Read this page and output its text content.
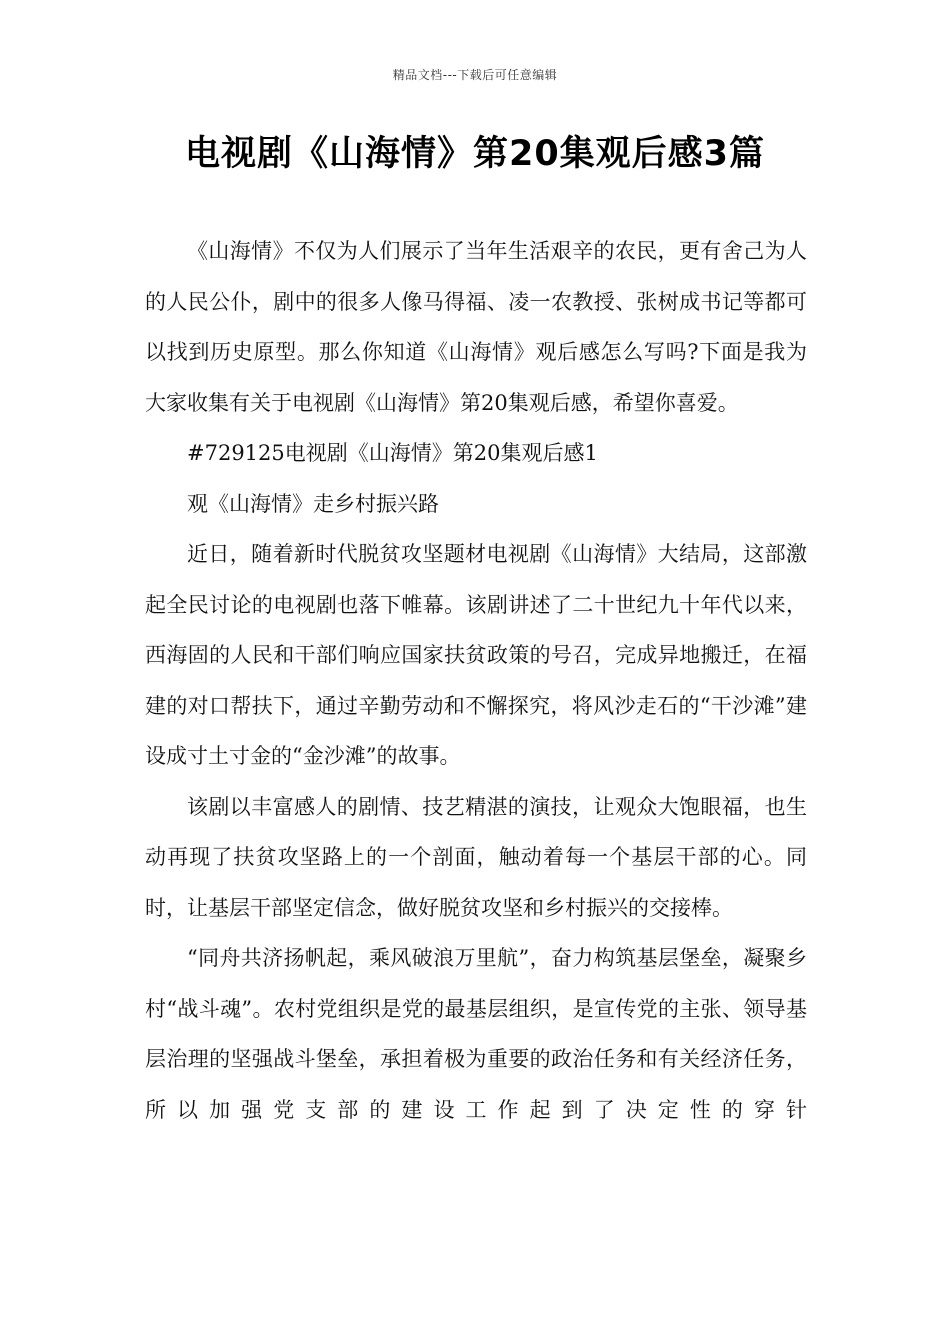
精品文档---下载后可任意编辑
电视剧《山海情》第20集观后感3篇

《山海情》不仅为人们展示了当年生活艰辛的农民，更有舍己为人的人民公仆，剧中的很多人像马得福、凌一农教授、张树成书记等都可以找到历史原型。那么你知道《山海情》观后感怎么写吗?下面是我为大家收集有关于电视剧《山海情》第20集观后感，希望你喜爱。

#729125电视剧《山海情》第20集观后感1

观《山海情》走乡村振兴路

近日，随着新时代脱贫攻坚题材电视剧《山海情》大结局，这部激起全民讨论的电视剧也落下帷幕。该剧讲述了二十世纪九十年代以来，西海固的人民和干部们响应国家扶贫政策的号召，完成异地搬迁，在福建的对口帮扶下，通过辛勤劳动和不懈探究，将风沙走石的“干沙滩”建设成寸土寸金的“金沙滩”的故事。

该剧以丰富感人的剧情、技艺精湛的演技，让观众大饱眼福，也生动再现了扶贫攻坚路上的一个剖面，触动着每一个基层干部的心。同时，让基层干部坚定信念，做好脱贫攻坚和乡村振兴的交接棒。

“同舟共济扬帆起，乘风破浪万里航”，奋力构筑基层堡垒，凝聚乡村“战斗魂”。农村党组织是党的最基层组织，是宣传党的主张、领导基层治理的坚强战斗堡垒，承担着极为重要的政治任务和有关经济任务，所以加强党支部的建设工作起到了决定性的穿针
